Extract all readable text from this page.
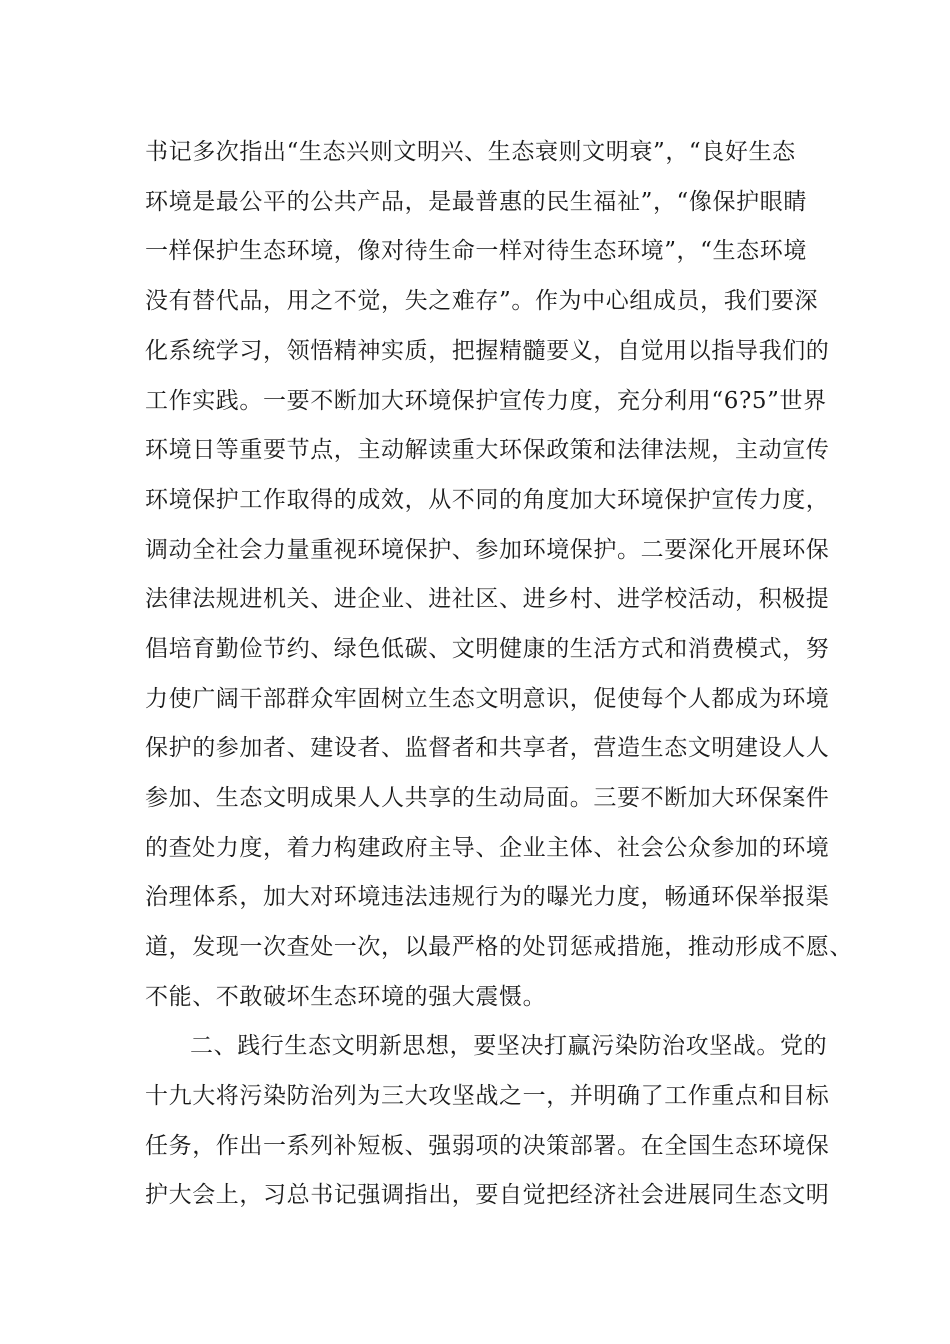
书记多次指出“生态兴则文明兴、生态衰则文明衰”，“良好生态
环境是最公平的公共产品，是最普惠的民生福祉”，“像保护眼睛
一样保护生态环境，像对待生命一样对待生态环境”，“生态环境
没有替代品，用之不觉，失之难存”。作为中心组成员，我们要深
化系统学习，领悟精神实质，把握精髓要义，自觉用以指导我们的
工作实践。一要不断加大环境保护宣传力度，充分利用“6?5”世界
环境日等重要节点，主动解读重大环保政策和法律法规，主动宣传
环境保护工作取得的成效，从不同的角度加大环境保护宣传力度，
调动全社会力量重视环境保护、参加环境保护。二要深化开展环保
法律法规进机关、进企业、进社区、进乡村、进学校活动，积极提
倡培育勤俭节约、绿色低碳、文明健康的生活方式和消费模式，努
力使广阔干部群众牢固树立生态文明意识，促使每个人都成为环境
保护的参加者、建设者、监督者和共享者，营造生态文明建设人人
参加、生态文明成果人人共享的生动局面。三要不断加大环保案件
的查处力度，着力构建政府主导、企业主体、社会公众参加的环境
治理体系，加大对环境违法违规行为的曝光力度，畅通环保举报渠
道，发现一次查处一次，以最严格的处罚惩戒措施，推动形成不愿、
不能、不敢破坏生态环境的强大震慑。
二、践行生态文明新思想，要坚决打赢污染防治攻坚战。党的
十九大将污染防治列为三大攻坚战之一，并明确了工作重点和目标
任务，作出一系列补短板、强弱项的决策部署。在全国生态环境保
护大会上，习总书记强调指出，要自觉把经济社会进展同生态文明
